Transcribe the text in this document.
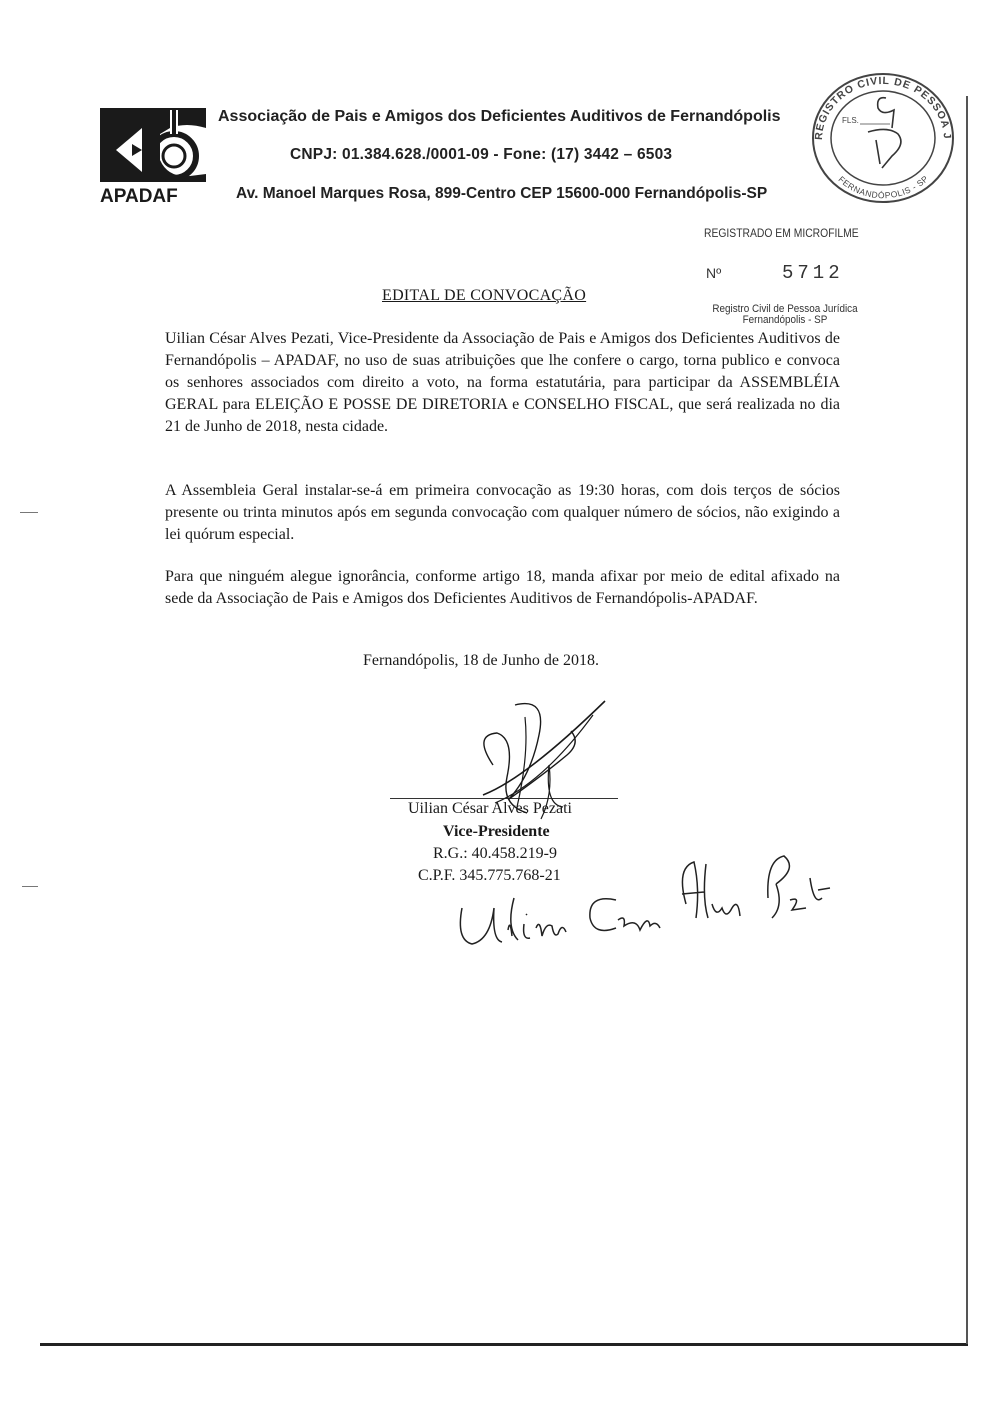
APADAF
Associação de Pais e Amigos dos Deficientes Auditivos de Fernandópolis
CNPJ: 01.384.628./0001-09 - Fone: (17) 3442 – 6503
Av. Manoel Marques Rosa, 899-Centro CEP 15600-000 Fernandópolis-SP
REGISTRO CIVIL DE PESSOA J
FERNANDÓPOLIS - SP
FLS.
REGISTRADO EM MICROFILME
Nº	5712
Registro Civil de Pessoa Jurídica
Fernandópolis - SP
EDITAL DE CONVOCAÇÃO
Uilian César Alves Pezati, Vice-Presidente da Associação de Pais e Amigos dos Deficientes Auditivos de Fernandópolis – APADAF, no uso de suas atribuições que lhe confere o cargo, torna publico e convoca os senhores associados com direito a voto, na forma estatutária, para participar da ASSEMBLÉIA GERAL para ELEIÇÃO E POSSE DE DIRETORIA e CONSELHO FISCAL, que será realizada no dia 21 de Junho de 2018, nesta cidade.
A Assembleia Geral instalar-se-á em primeira convocação as 19:30 horas, com dois terços de sócios presente ou trinta minutos após em segunda convocação com qualquer número de sócios, não exigindo a lei quórum especial.
Para que ninguém alegue ignorância, conforme artigo 18, manda afixar por meio de edital afixado na sede da Associação de Pais e Amigos dos Deficientes Auditivos de Fernandópolis-APADAF.
Fernandópolis, 18 de Junho de 2018.
Uilian César Alves Pezati
Vice-Presidente
R.G.: 40.458.219-9
C.P.F. 345.775.768-21
